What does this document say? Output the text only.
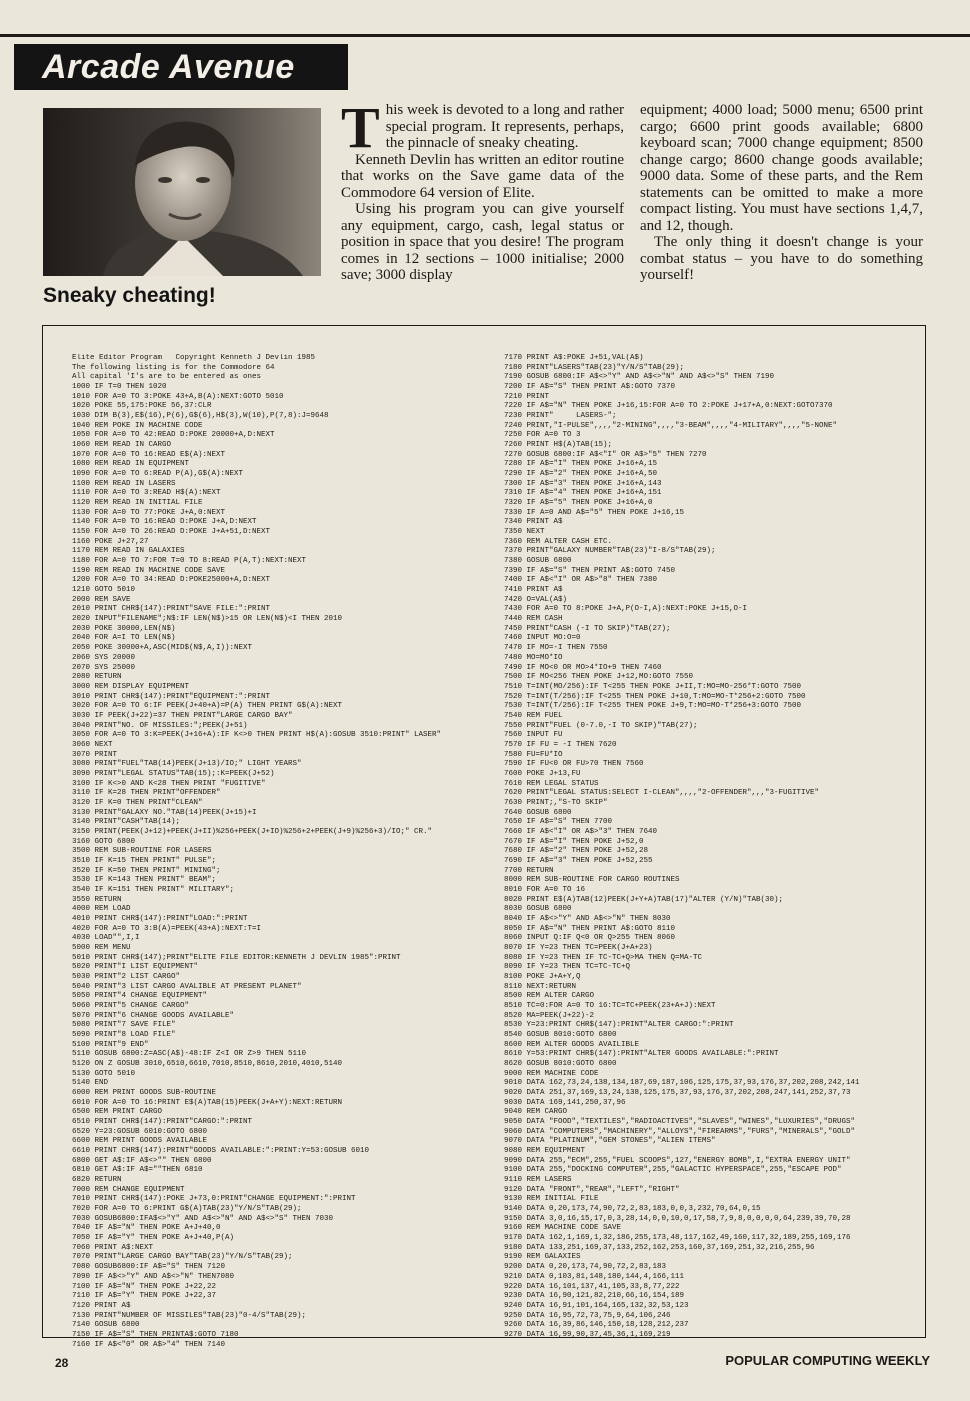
Arcade Avenue
Sneaky cheating!

This week is devoted to a long and rather special program. It represents, perhaps, the pinnacle of sneaky cheating.

Kenneth Devlin has written an editor routine that works on the Save game data of the Commodore 64 version of Elite.

Using his program you can give yourself any equipment, cargo, cash, legal status or position in space that you desire! The program comes in 12 sections – 1000 initialise; 2000 save; 3000 display

equipment; 4000 load; 5000 menu; 6500 print cargo; 6600 print goods available; 6800 keyboard scan; 7000 change equipment; 8500 change cargo; 8600 change goods available; 9000 data. Some of these parts, and the Rem statements can be omitted to make a more compact listing. You must have sections 1,4,7, and 12, though.

The only thing it doesn't change is your combat status – you have to do something yourself!

Elite Editor Program   Copyright Kenneth J Devlin 1985
The following listing is for the Commodore 64
All capital 'I's are to be entered as ones
1000 IF T=0 THEN 1020
1010 FOR A=0 TO 3:POKE 43+A,B(A):NEXT:GOTO 5010
1020 POKE 55,175:POKE 56,37:CLR
1030 DIM B(3),E$(16),P(6),G$(6),H$(3),W(10),P(7,8):J=9648
1040 REM POKE IN MACHINE CODE
1050 FOR A=0 TO 42:READ D:POKE 20000+A,D:NEXT
1060 REM READ IN CARGO
1070 FOR A=0 TO 16:READ E$(A):NEXT
1080 REM READ IN EQUIPMENT
1090 FOR A=0 TO 6:READ P(A),G$(A):NEXT
1100 REM READ IN LASERS
1110 FOR A=0 TO 3:READ H$(A):NEXT
1120 REM READ IN INITIAL FILE
1130 FOR A=0 TO 77:POKE J+A,0:NEXT
1140 FOR A=0 TO 16:READ D:POKE J+A,D:NEXT
1150 FOR A=0 TO 26:READ D:POKE J+A+51,D:NEXT
1160 POKE J+27,27
1170 REM READ IN GALAXIES
1180 FOR A=0 TO 7:FOR T=0 TO 8:READ P(A,T):NEXT:NEXT
1190 REM READ IN MACHINE CODE SAVE
1200 FOR A=0 TO 34:READ D:POKE25000+A,D:NEXT
1210 GOTO 5010
2000 REM SAVE
2010 PRINT CHR$(147):PRINT"SAVE FILE:":PRINT
2020 INPUT"FILENAME";N$:IF LEN(N$)>15 OR LEN(N$)<I THEN 2010
2030 POKE 30000,LEN(N$)
2040 FOR A=I TO LEN(N$)
2050 POKE 30000+A,ASC(MID$(N$,A,I)):NEXT
2060 SYS 20000
2070 SYS 25000
2080 RETURN
3000 REM DISPLAY EQUIPMENT
3010 PRINT CHR$(147):PRINT"EQUIPMENT:":PRINT
3020 FOR A=0 TO 6:IF PEEK(J+40+A)=P(A) THEN PRINT G$(A):NEXT
3030 IF PEEK(J+22)=37 THEN PRINT"LARGE CARGO BAY"
3040 PRINT"NO. OF MISSILES:";PEEK(J+51)
3050 FOR A=0 TO 3:K=PEEK(J+16+A):IF K<>0 THEN PRINT H$(A):GOSUB 3510:PRINT" LASER"
3060 NEXT
3070 PRINT
3080 PRINT"FUEL"TAB(14)PEEK(J+13)/IO;" LIGHT YEARS"
3090 PRINT"LEGAL STATUS"TAB(15);:K=PEEK(J+52)
3100 IF K<>0 AND K<28 THEN PRINT "FUGITIVE"
3110 IF K=28 THEN PRINT"OFFENDER"
3120 IF K=0 THEN PRINT"CLEAN"
3130 PRINT"GALAXY NO."TAB(14)PEEK(J+15)+I
3140 PRINT"CASH"TAB(14);
3150 PRINT(PEEK(J+12)+PEEK(J+II)%256+PEEK(J+IO)%256+2+PEEK(J+9)%256+3)/IO;" CR."
3160 GOTO 6800
3500 REM SUB-ROUTINE FOR LASERS
3510 IF K=15 THEN PRINT" PULSE";
3520 IF K=50 THEN PRINT" MINING";
3530 IF K=143 THEN PRINT" BEAM";
3540 IF K=151 THEN PRINT" MILITARY";
3550 RETURN
4000 REM LOAD
4010 PRINT CHR$(147):PRINT"LOAD:":PRINT
4020 FOR A=0 TO 3:B(A)=PEEK(43+A):NEXT:T=I
4030 LOAD"",I,I
5000 REM MENU
5010 PRINT CHR$(147);PRINT"ELITE FILE EDITOR:KENNETH J DEVLIN 1985":PRINT
5020 PRINT"I LIST EQUIPMENT"
5030 PRINT"2 LIST CARGO"
5040 PRINT"3 LIST CARGO AVALIBLE AT PRESENT PLANET"
5050 PRINT"4 CHANGE EQUIPMENT"
5060 PRINT"5 CHANGE CARGO"
5070 PRINT"6 CHANGE GOODS AVAILABLE"
5080 PRINT"7 SAVE FILE"
5090 PRINT"8 LOAD FILE"
5100 PRINT"9 END"
5110 GOSUB 6800:Z=ASC(A$)-48:IF Z<I OR Z>9 THEN 5110
5120 ON Z GOSUB 3010,6510,6610,7010,8510,8610,2010,4010,5140
5130 GOTO 5010
5140 END
6000 REM PRINT GOODS SUB-ROUTINE
6010 FOR A=0 TO 16:PRINT E$(A)TAB(15)PEEK(J+A+Y):NEXT:RETURN
6500 REM PRINT CARGO
6510 PRINT CHR$(147):PRINT"CARGO:":PRINT
6520 Y=23:GOSUB 6010:GOTO 6800
6600 REM PRINT GOODS AVAILABLE
6610 PRINT CHR$(147):PRINT"GOODS AVAILABLE:":PRINT:Y=53:GOSUB 6010
6800 GET A$:IF A$<>"" THEN 6800
6810 GET A$:IF A$=""THEN 6810
6820 RETURN
7000 REM CHANGE EQUIPMENT
7010 PRINT CHR$(147):POKE J+73,0:PRINT"CHANGE EQUIPMENT:":PRINT
7020 FOR A=0 TO 6:PRINT G$(A)TAB(23)"Y/N/S"TAB(29);
7030 GOSUB6800:IFA$<>"Y" AND A$<>"N" AND A$<>"S" THEN 7030
7040 IF A$="N" THEN POKE A+J+40,0
7050 IF A$="Y" THEN POKE A+J+40,P(A)
7060 PRINT A$:NEXT
7070 PRINT"LARGE CARGO BAY"TAB(23)"Y/N/S"TAB(29);
7080 GOSUB6800:IF A$="S" THEN 7120
7090 IF A$<>"Y" AND A$<>"N" THEN7080
7100 IF A$="N" THEN POKE J+22,22
7110 IF A$="Y" THEN POKE J+22,37
7120 PRINT A$
7130 PRINT"NUMBER OF MISSILES"TAB(23)"0-4/S"TAB(29);
7140 GOSUB 6800
7150 IF A$="S" THEN PRINTA$:GOTO 7180
7160 IF A$<"0" OR A$>"4" THEN 7140
7170 PRINT A$:POKE J+51,VAL(A$)
7180 PRINT"LASERS"TAB(23)"Y/N/S"TAB(29);
7190 GOSUB 6800:IF A$<>"Y" AND A$<>"N" AND A$<>"S" THEN 7190
7200 IF A$="S" THEN PRINT A$:GOTO 7370
7210 PRINT
7220 IF A$="N" THEN POKE J+16,15:FOR A=0 TO 2:POKE J+17+A,0:NEXT:GOTO7370
7230 PRINT"     LASERS-";
7240 PRINT,"I-PULSE",,,,"2-MINING",,,,"3-BEAM",,,,"4-MILITARY",,,,"5-NONE"
7250 FOR A=0 TO 3
7260 PRINT H$(A)TAB(15);
7270 GOSUB 6800:IF A$<"I" OR A$>"5" THEN 7270
7280 IF A$="I" THEN POKE J+16+A,15
7290 IF A$="2" THEN POKE J+16+A,50
7300 IF A$="3" THEN POKE J+16+A,143
7310 IF A$="4" THEN POKE J+16+A,151
7320 IF A$="5" THEN POKE J+16+A,0
7330 IF A=0 AND A$="5" THEN POKE J+16,15
7340 PRINT A$
7350 NEXT
7360 REM ALTER CASH ETC.
7370 PRINT"GALAXY NUMBER"TAB(23)"I-8/S"TAB(29);
7380 GOSUB 6800
7390 IF A$="S" THEN PRINT A$:GOTO 7450
7400 IF A$<"I" OR A$>"8" THEN 7380
7410 PRINT A$
7420 O=VAL(A$)
7430 FOR A=0 TO 8:POKE J+A,P(O-I,A):NEXT:POKE J+15,O-I
7440 REM CASH
7450 PRINT"CASH (-I TO SKIP)"TAB(27);
7460 INPUT MO:O=0
7470 IF MO=-I THEN 7550
7480 MO=MO*IO
7490 IF MO<0 OR MO>4*IO+9 THEN 7460
7500 IF MO<256 THEN POKE J+12,MO:GOTO 7550
7510 T=INT(MO/256):IF T<255 THEN POKE J+II,T:MO=MO-256*T:GOTO 7500
7520 T=INT(T/256):IF T<255 THEN POKE J+10,T:MO=MO-T*256+2:GOTO 7500
7530 T=INT(T/256):IF T<255 THEN POKE J+9,T:MO=MO-T*256+3:GOTO 7500
7540 REM FUEL
7550 PRINT"FUEL (0-7.0,-I TO SKIP)"TAB(27);
7560 INPUT FU
7570 IF FU = -I THEN 7620
7580 FU=FU*IO
7590 IF FU<0 OR FU>70 THEN 7560
7600 POKE J+13,FU
7610 REM LEGAL STATUS
7620 PRINT"LEGAL STATUS:SELECT I-CLEAN",,,,"2-OFFENDER",,,"3-FUGITIVE"
7630 PRINT;,"S-TO SKIP"
7640 GOSUB 6800
7650 IF A$="S" THEN 7700
7660 IF A$<"I" OR A$>"3" THEN 7640
7670 IF A$="I" THEN POKE J+52,0
7680 IF A$="2" THEN POKE J+52,28
7690 IF A$="3" THEN POKE J+52,255
7700 RETURN
8000 REM SUB-ROUTINE FOR CARGO ROUTINES
8010 FOR A=0 TO 16
8020 PRINT E$(A)TAB(12)PEEK(J+Y+A)TAB(17)"ALTER (Y/N)"TAB(30);
8030 GOSUB 6800
8040 IF A$<>"Y" AND A$<>"N" THEN 8030
8050 IF A$="N" THEN PRINT A$:GOTO 8110
8060 INPUT Q:IF Q<0 OR Q>255 THEN 8060
8070 IF Y=23 THEN TC=PEEK(J+A+23)
8080 IF Y=23 THEN IF TC-TC+Q>MA THEN Q=MA-TC
8090 IF Y=23 THEN TC=TC-TC+Q
8100 POKE J+A+Y,Q
8110 NEXT:RETURN
8500 REM ALTER CARGO
8510 TC=0:FOR A=0 TO 16:TC=TC+PEEK(23+A+J):NEXT
8520 MA=PEEK(J+22)-2
8530 Y=23:PRINT CHR$(147):PRINT"ALTER CARGO:":PRINT
8540 GOSUB 8010:GOTO 6800
8600 REM ALTER GOODS AVAILIBLE
8610 Y=53:PRINT CHR$(147):PRINT"ALTER GOODS AVAILABLE:":PRINT
8620 GOSUB 8010:GOTO 6800
9000 REM MACHINE CODE
9010 DATA 162,73,24,138,134,187,69,187,106,125,175,37,93,176,37,202,208,242,141
9020 DATA 251,37,169,13,24,138,125,175,37,93,176,37,202,208,247,141,252,37,73
9030 DATA 169,141,250,37,96
9040 REM CARGO
9050 DATA "FOOD","TEXTILES","RADIOACTIVES","SLAVES","WINES","LUXURIES","DRUGS"
9060 DATA "COMPUTERS","MACHINERY","ALLOYS","FIREARMS","FURS","MINERALS","GOLD"
9070 DATA "PLATINUM","GEM STONES","ALIEN ITEMS"
9080 REM EQUIPMENT
9090 DATA 255,"ECM",255,"FUEL SCOOPS",127,"ENERGY BOMB",I,"EXTRA ENERGY UNIT"
9100 DATA 255,"DOCKING COMPUTER",255,"GALACTIC HYPERSPACE",255,"ESCAPE POD"
9110 REM LASERS
9120 DATA "FRONT","REAR","LEFT","RIGHT"
9130 REM INITIAL FILE
9140 DATA 0,20,173,74,90,72,2,83,183,0,0,3,232,70,64,0,15
9150 DATA 3,0,16,15,17,0,3,28,14,0,0,10,0,17,58,7,9,8,0,0,0,0,64,239,39,70,28
9160 REM MACHINE CODE SAVE
9170 DATA 162,1,169,1,32,186,255,173,48,117,162,49,160,117,32,189,255,169,176
9180 DATA 133,251,169,37,133,252,162,253,160,37,169,251,32,216,255,96
9190 REM GALAXIES
9200 DATA 0,20,173,74,90,72,2,83,183
9210 DATA 0,103,81,148,180,144,4,166,111
9220 DATA 16,101,137,41,105,33,8,77,222
9230 DATA 16,90,121,82,210,66,16,154,189
9240 DATA 16,91,101,164,165,132,32,53,123
9250 DATA 16,95,72,73,75,9,64,106,246
9260 DATA 16,39,86,146,150,18,128,212,237
9270 DATA 16,99,90,37,45,36,1,169,219
28	POPULAR COMPUTING WEEKLY
